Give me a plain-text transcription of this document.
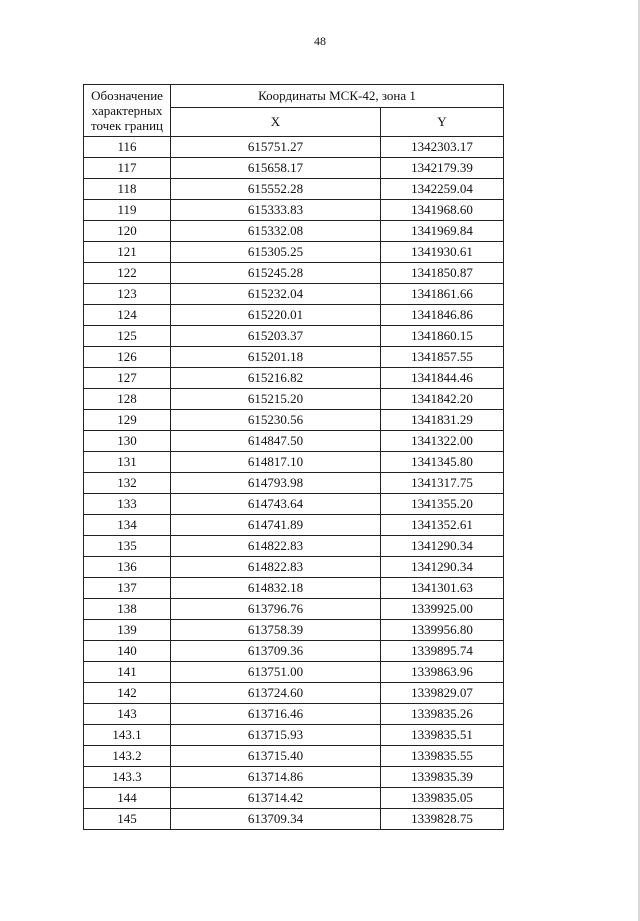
48
Обозначение характерных точек границ	Координаты МСК-42, зона 1	
	X	Y
116	615751.27	1342303.17
117	615658.17	1342179.39
118	615552.28	1342259.04
119	615333.83	1341968.60
120	615332.08	1341969.84
121	615305.25	1341930.61
122	615245.28	1341850.87
123	615232.04	1341861.66
124	615220.01	1341846.86
125	615203.37	1341860.15
126	615201.18	1341857.55
127	615216.82	1341844.46
128	615215.20	1341842.20
129	615230.56	1341831.29
130	614847.50	1341322.00
131	614817.10	1341345.80
132	614793.98	1341317.75
133	614743.64	1341355.20
134	614741.89	1341352.61
135	614822.83	1341290.34
136	614822.83	1341290.34
137	614832.18	1341301.63
138	613796.76	1339925.00
139	613758.39	1339956.80
140	613709.36	1339895.74
141	613751.00	1339863.96
142	613724.60	1339829.07
143	613716.46	1339835.26
143.1	613715.93	1339835.51
143.2	613715.40	1339835.55
143.3	613714.86	1339835.39
144	613714.42	1339835.05
145	613709.34	1339828.75
